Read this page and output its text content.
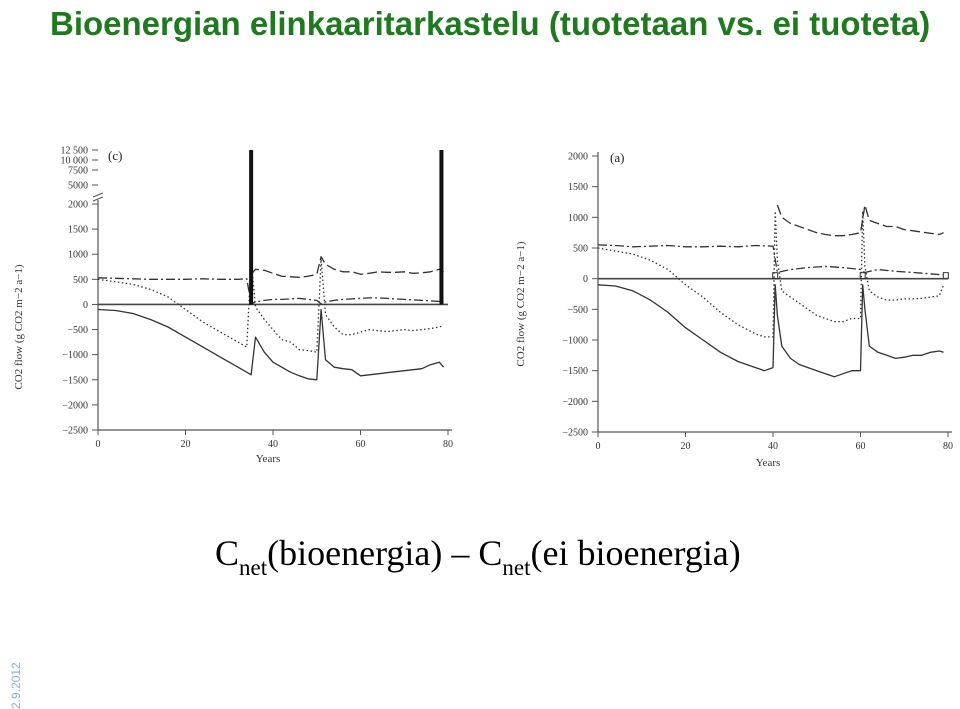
Bioenergian elinkaaritarkastelu (tuotetaan vs. ei tuoteta)
−2500
−2000
−1500
−1000
−500
0
500
1000
1500
2000
12 500
10 000
7500
5000
0	20	40	60	80
Years
CO2 flow (g CO2 m−2 a−1)
(c)
−2500
−2000
−1500
−1000
−500
0
500
1000
1500
2000
0	20	40	60	80
Years
CO2 flow (g CO2 m−2 a−1)
(a)
$C_{net}(bioenergia) - C_{net}(ei$ bioenergia)
2.9.2012
